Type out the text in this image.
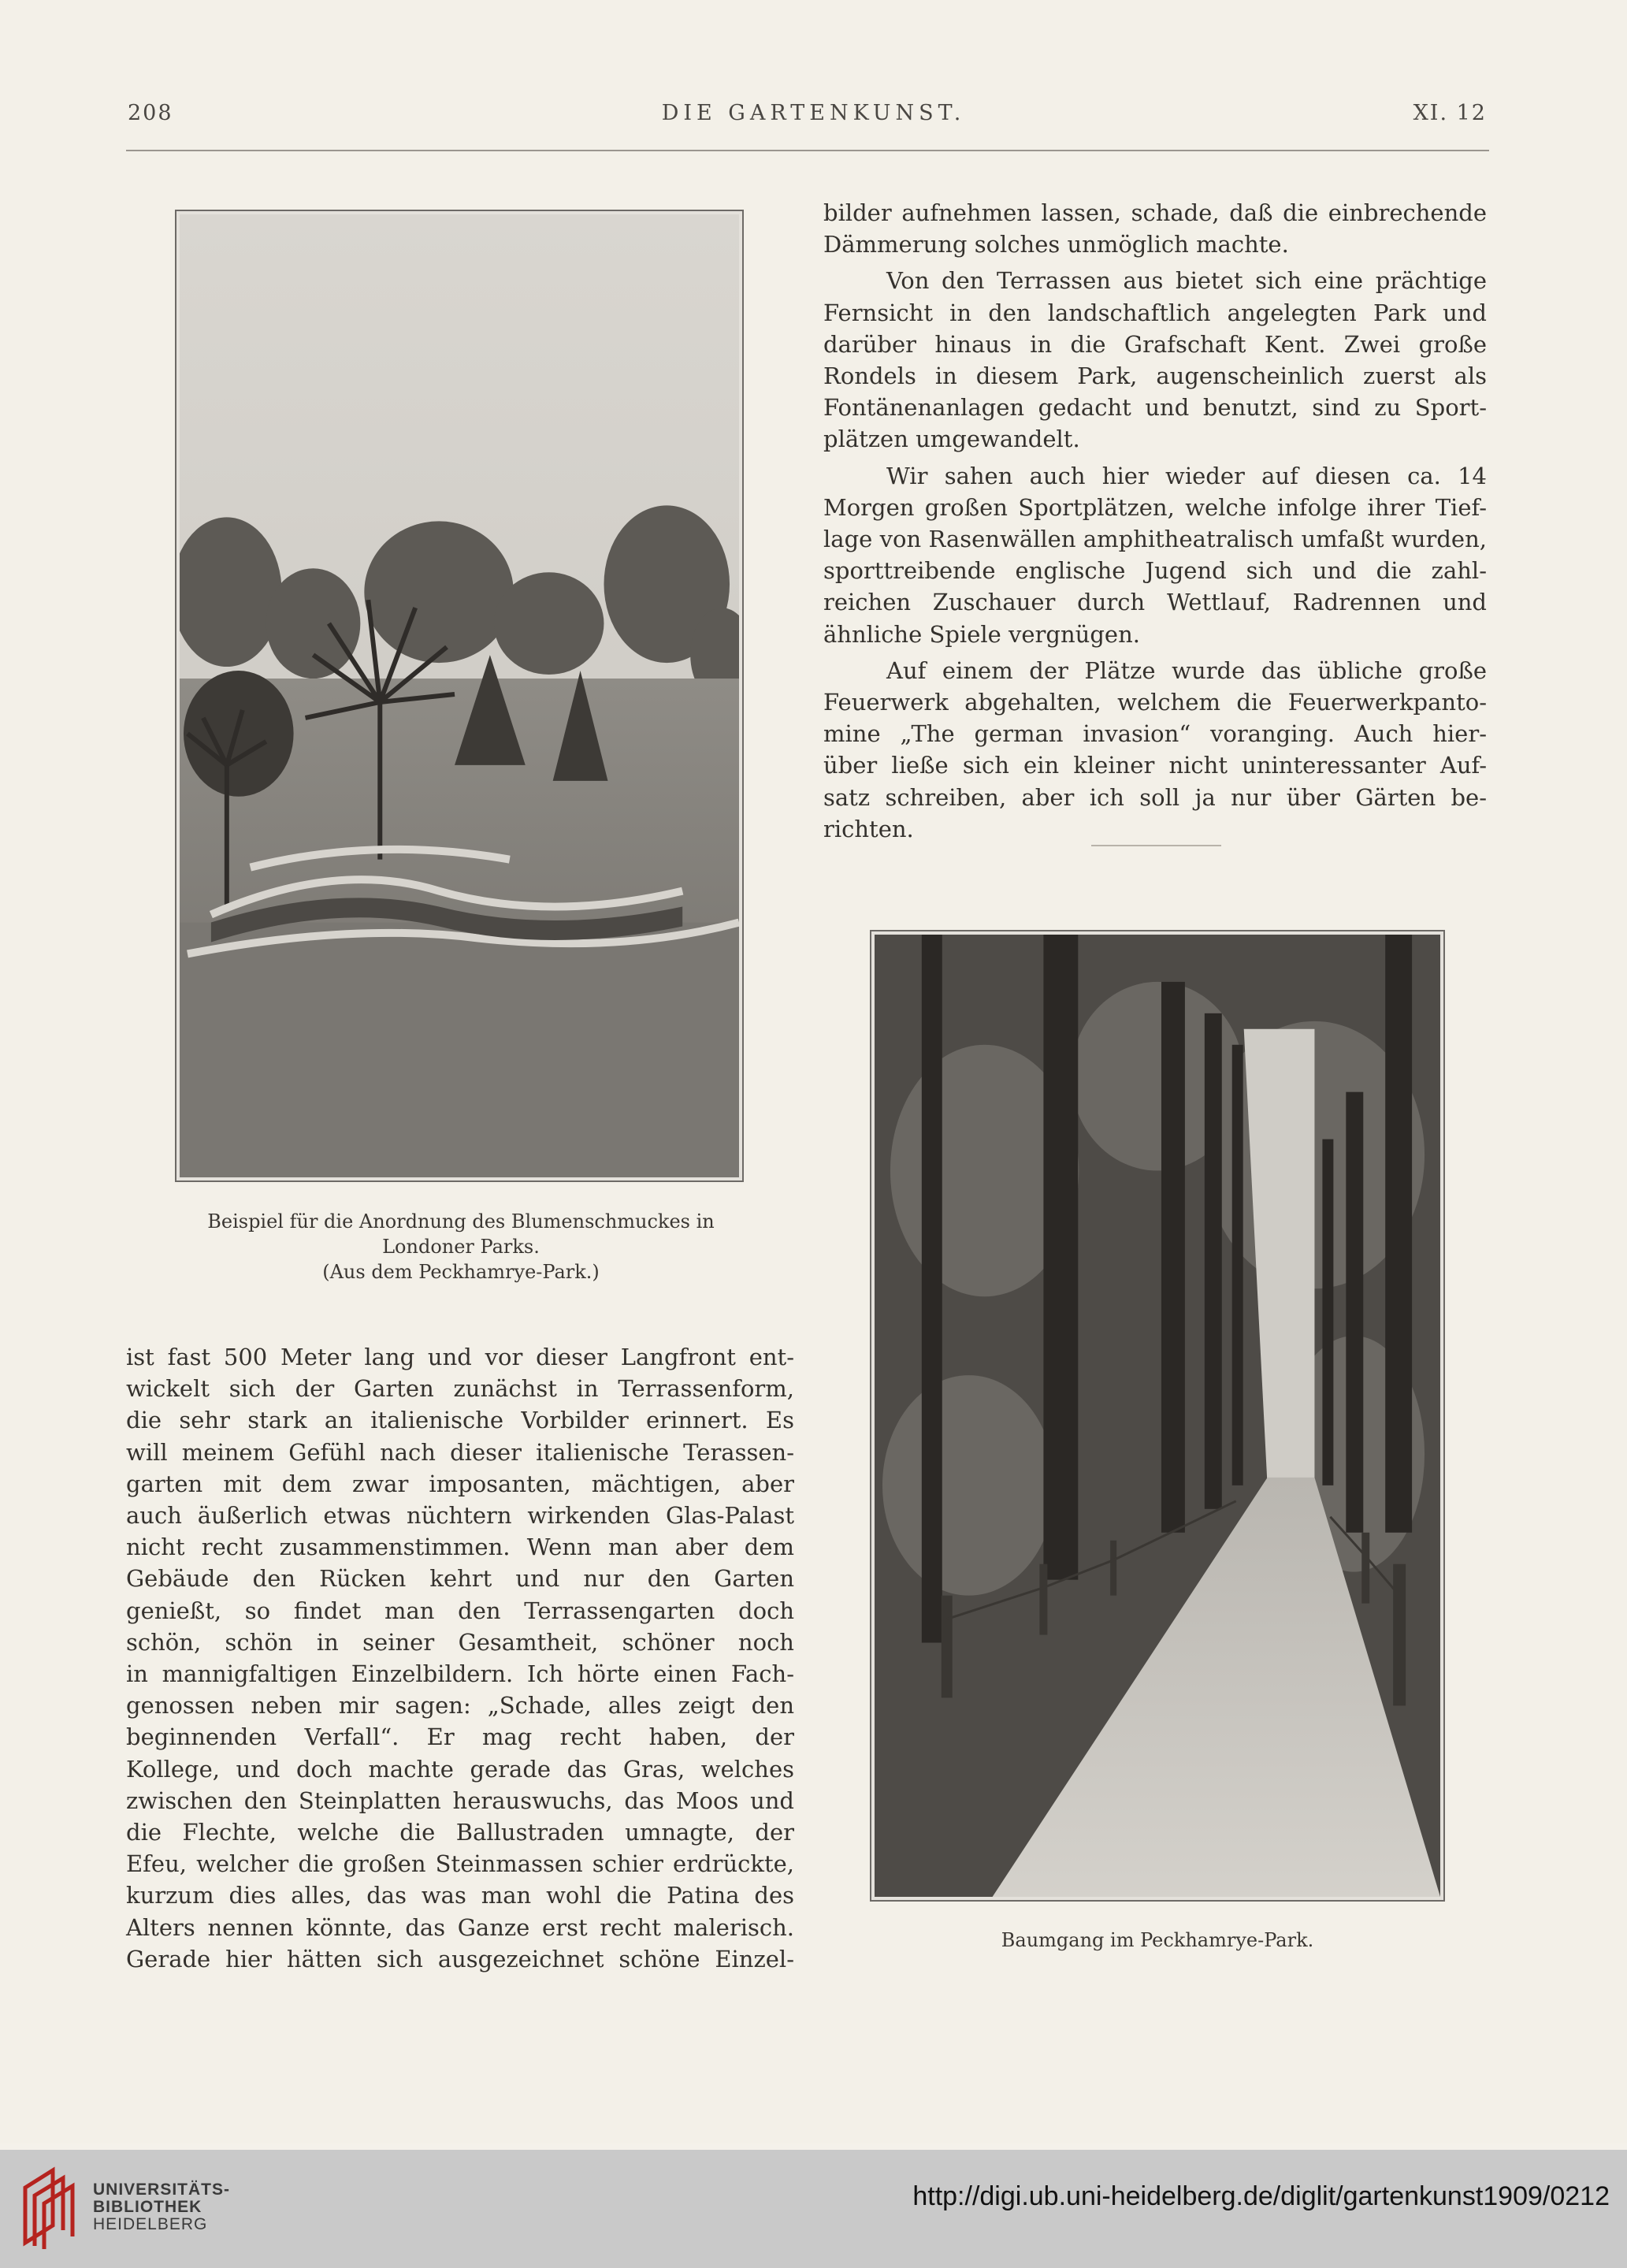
208	DIE GARTENKUNST.	XI. 12
Beispiel für die Anordnung des Blumenschmuckes in
Londoner Parks.
(Aus dem Peckhamrye-Park.)
Baumgang im Peckhamrye-Park.

bilder aufnehmen lassen, schade, daß die einbrechende
Dämmerung solches unmöglich machte.

Von den Terrassen aus bietet sich eine prächtige
Fernsicht in den landschaftlich angelegten Park und
darüber hinaus in die Grafschaft Kent. Zwei große
Rondels in diesem Park, augenscheinlich zuerst als
Fontänenanlagen gedacht und benutzt, sind zu Sport-
plätzen umgewandelt.

Wir sahen auch hier wieder auf diesen ca. 14
Morgen großen Sportplätzen, welche infolge ihrer Tief-
lage von Rasenwällen amphitheatralisch umfaßt wurden,
sporttreibende englische Jugend sich und die zahl-
reichen Zuschauer durch Wettlauf, Radrennen und
ähnliche Spiele vergnügen.

Auf einem der Plätze wurde das übliche große
Feuerwerk abgehalten, welchem die Feuerwerkpanto-
mine „The german invasion“ voranging. Auch hier-
über ließe sich ein kleiner nicht uninteressanter Auf-
satz schreiben, aber ich soll ja nur über Gärten be-
richten.

ist fast 500 Meter lang und vor dieser Langfront ent-
wickelt sich der Garten zunächst in Terrassenform,
die sehr stark an italienische Vorbilder erinnert. Es
will meinem Gefühl nach dieser italienische Terassen-
garten mit dem zwar imposanten, mächtigen, aber
auch äußerlich etwas nüchtern wirkenden Glas-Palast
nicht recht zusammenstimmen. Wenn man aber dem
Gebäude den Rücken kehrt und nur den Garten
genießt, so findet man den Terrassengarten doch
schön, schön in seiner Gesamtheit, schöner noch
in mannigfaltigen Einzelbildern. Ich hörte einen Fach-
genossen neben mir sagen: „Schade, alles zeigt den
beginnenden Verfall“. Er mag recht haben, der
Kollege, und doch machte gerade das Gras, welches
zwischen den Steinplatten herauswuchs, das Moos und
die Flechte, welche die Ballustraden umnagte, der
Efeu, welcher die großen Steinmassen schier erdrückte,
kurzum dies alles, das was man wohl die Patina des
Alters nennen könnte, das Ganze erst recht malerisch.
Gerade hier hätten sich ausgezeichnet schöne Einzel-

UNIVERSITÄTS-
BIBLIOTHEK
HEIDELBERG
http://digi.ub.uni-heidelberg.de/diglit/gartenkunst1909/0212
